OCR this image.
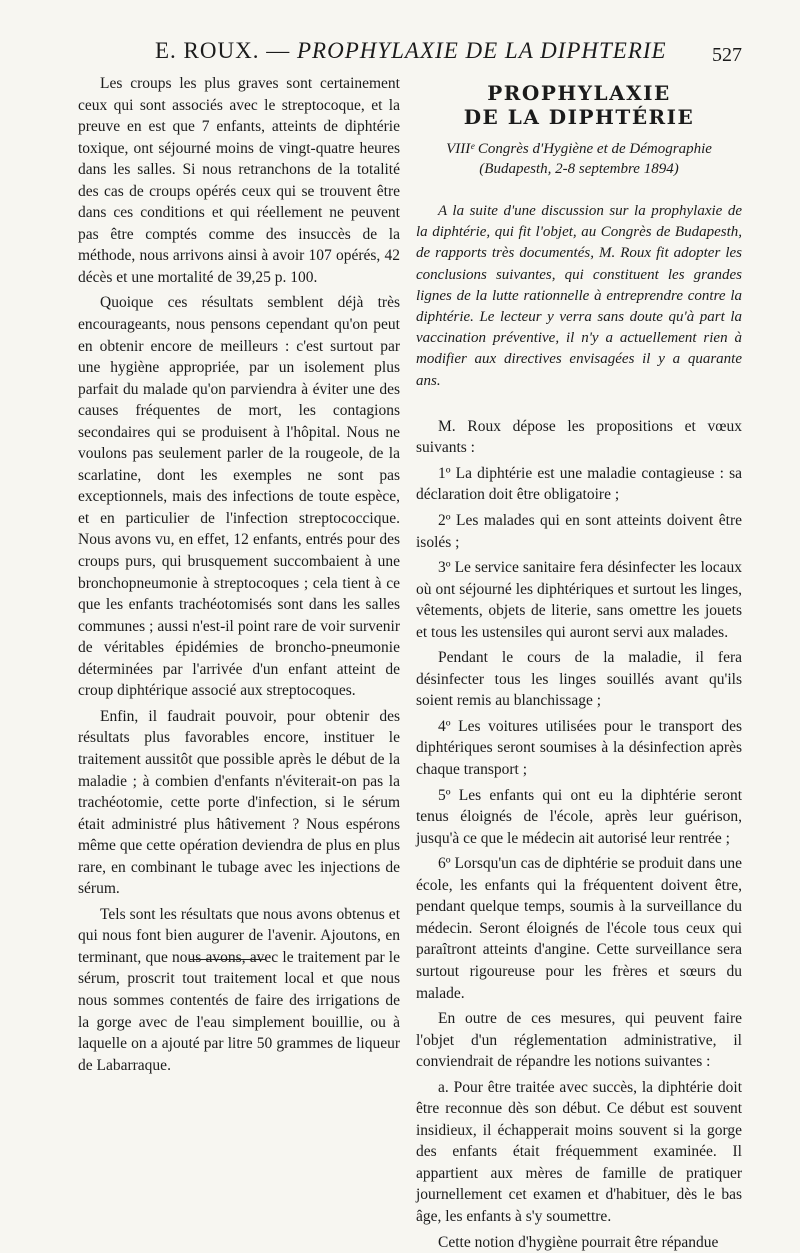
E. ROUX. — PROPHYLAXIE DE LA DIPHTERIE	527

Les croups les plus graves sont certainement ceux qui sont associés avec le streptocoque, et la preuve en est que 7 enfants, atteints de diphtérie toxique, ont séjourné moins de vingt-quatre heures dans les salles. Si nous retranchons de la totalité des cas de croups opérés ceux qui se trouvent être dans ces conditions et qui réellement ne peuvent pas être comptés comme des insuccès de la méthode, nous arrivons ainsi à avoir 107 opérés, 42 décès et une mortalité de 39,25 p. 100.

Quoique ces résultats semblent déjà très encourageants, nous pensons cependant qu'on peut en obtenir encore de meilleurs : c'est surtout par une hygiène appropriée, par un isolement plus parfait du malade qu'on parviendra à éviter une des causes fréquentes de mort, les contagions secondaires qui se produisent à l'hôpital. Nous ne voulons pas seulement parler de la rougeole, de la scarlatine, dont les exemples ne sont pas exceptionnels, mais des infections de toute espèce, et en particulier de l'infection streptococcique. Nous avons vu, en effet, 12 enfants, entrés pour des croups purs, qui brusquement succombaient à une bronchopneumonie à streptocoques ; cela tient à ce que les enfants trachéotomisés sont dans les salles communes ; aussi n'est-il point rare de voir survenir de véritables épidémies de broncho-pneumonie déterminées par l'arrivée d'un enfant atteint de croup diphtérique associé aux streptocoques.

Enfin, il faudrait pouvoir, pour obtenir des résultats plus favorables encore, instituer le traitement aussitôt que possible après le début de la maladie ; à combien d'enfants n'éviterait-on pas la trachéotomie, cette porte d'infection, si le sérum était administré plus hâtivement ? Nous espérons même que cette opération deviendra de plus en plus rare, en combinant le tubage avec les injections de sérum.

Tels sont les résultats que nous avons obtenus et qui nous font bien augurer de l'avenir. Ajoutons, en terminant, que nous avons, avec le traitement par le sérum, proscrit tout traitement local et que nous nous sommes contentés de faire des irrigations de la gorge avec de l'eau simplement bouillie, ou à laquelle on a ajouté par litre 50 grammes de liqueur de Labarraque.

PROPHYLAXIE
DE LA DIPHTÉRIE
VIIIᵉ Congrès d'Hygiène et de Démographie
(Budapesth, 2-8 septembre 1894)

A la suite d'une discussion sur la prophylaxie de la diphtérie, qui fit l'objet, au Congrès de Budapesth, de rapports très documentés, M. Roux fit adopter les conclusions suivantes, qui constituent les grandes lignes de la lutte rationnelle à entreprendre contre la diphtérie. Le lecteur y verra sans doute qu'à part la vaccination préventive, il n'y a actuellement rien à modifier aux directives envisagées il y a quarante ans.

M. Roux dépose les propositions et vœux suivants :

1º La diphtérie est une maladie contagieuse : sa déclaration doit être obligatoire ;

2º Les malades qui en sont atteints doivent être isolés ;

3º Le service sanitaire fera désinfecter les locaux où ont séjourné les diphtériques et surtout les linges, vêtements, objets de literie, sans omettre les jouets et tous les ustensiles qui auront servi aux malades.

Pendant le cours de la maladie, il fera désinfecter tous les linges souillés avant qu'ils soient remis au blanchissage ;

4º Les voitures utilisées pour le transport des diphtériques seront soumises à la désinfection après chaque transport ;

5º Les enfants qui ont eu la diphtérie seront tenus éloignés de l'école, après leur guérison, jusqu'à ce que le médecin ait autorisé leur rentrée ;

6º Lorsqu'un cas de diphtérie se produit dans une école, les enfants qui la fréquentent doivent être, pendant quelque temps, soumis à la surveillance du médecin. Seront éloignés de l'école tous ceux qui paraîtront atteints d'angine. Cette surveillance sera surtout rigoureuse pour les frères et sœurs du malade.

En outre de ces mesures, qui peuvent faire l'objet d'un réglementation administrative, il conviendrait de répandre les notions suivantes :

a. Pour être traitée avec succès, la diphtérie doit être reconnue dès son début. Ce début est souvent insidieux, il échapperait moins souvent si la gorge des enfants était fréquemment examinée. Il appartient aux mères de famille de pratiquer journellement cet examen et d'habituer, dès le bas âge, les enfants à s'y soumettre.

Cette notion d'hygiène pourrait être répandue
